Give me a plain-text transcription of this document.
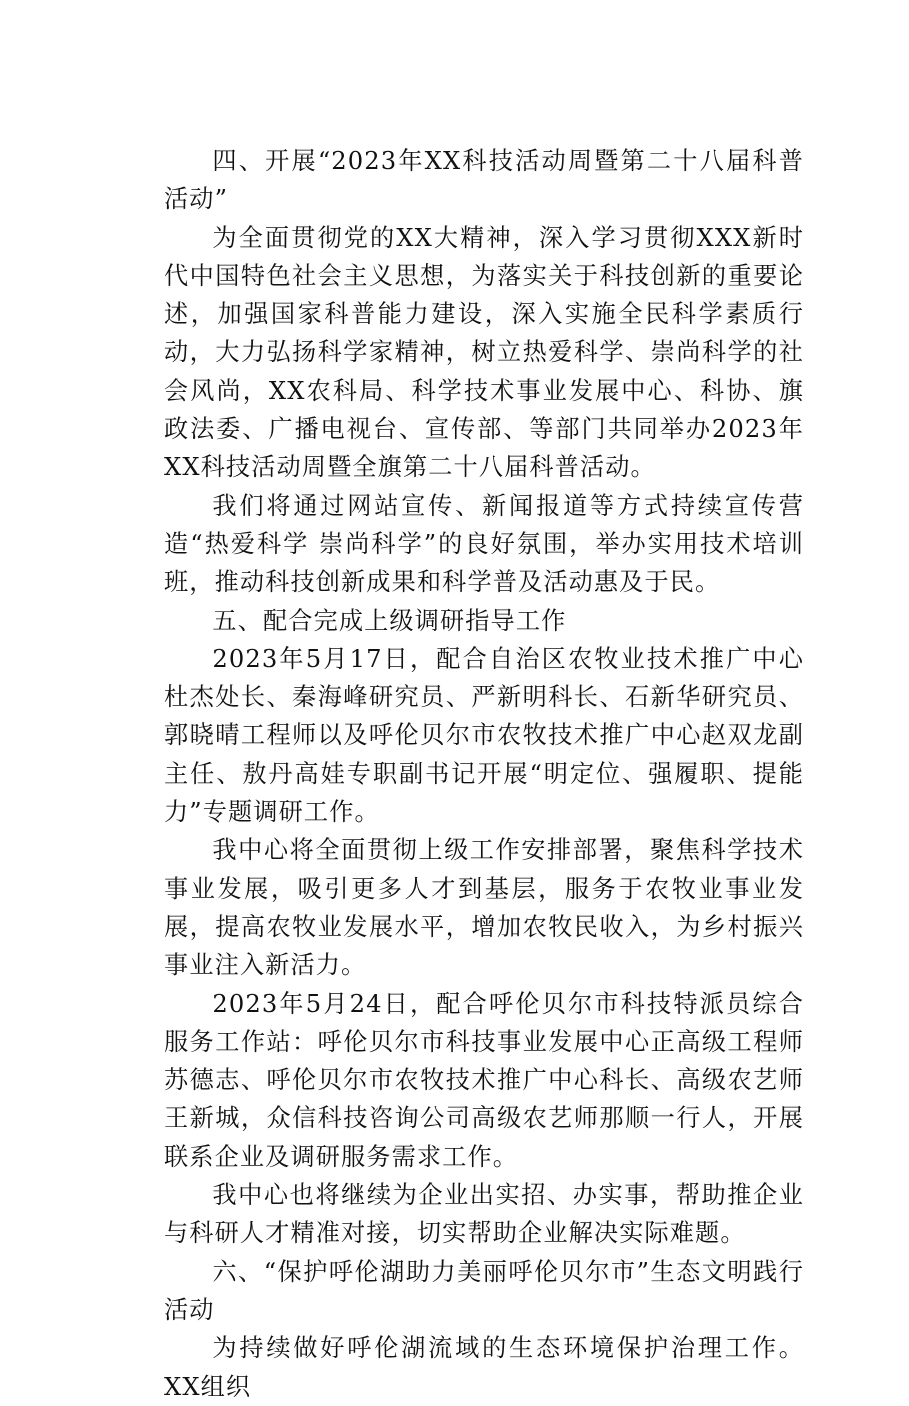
四、开展“2023年XX科技活动周暨第二十八届科普活动”

为全面贯彻党的XX大精神，深入学习贯彻XXX新时代中国特色社会主义思想，为落实关于科技创新的重要论述，加强国家科普能力建设，深入实施全民科学素质行动，大力弘扬科学家精神，树立热爱科学、崇尚科学的社会风尚，XX农科局、科学技术事业发展中心、科协、旗政法委、广播电视台、宣传部、等部门共同举办2023年XX科技活动周暨全旗第二十八届科普活动。

我们将通过网站宣传、新闻报道等方式持续宣传营造“热爱科学 崇尚科学”的良好氛围，举办实用技术培训班，推动科技创新成果和科学普及活动惠及于民。

五、配合完成上级调研指导工作

2023年5月17日，配合自治区农牧业技术推广中心杜杰处长、秦海峰研究员、严新明科长、石新华研究员、郭晓晴工程师以及呼伦贝尔市农牧技术推广中心赵双龙副主任、敖丹高娃专职副书记开展“明定位、强履职、提能力”专题调研工作。

我中心将全面贯彻上级工作安排部署，聚焦科学技术事业发展，吸引更多人才到基层，服务于农牧业事业发展，提高农牧业发展水平，增加农牧民收入，为乡村振兴事业注入新活力。

2023年5月24日，配合呼伦贝尔市科技特派员综合服务工作站：呼伦贝尔市科技事业发展中心正高级工程师苏德志、呼伦贝尔市农牧技术推广中心科长、高级农艺师王新城，众信科技咨询公司高级农艺师那顺一行人，开展联系企业及调研服务需求工作。

我中心也将继续为企业出实招、办实事，帮助推企业与科研人才精准对接，切实帮助企业解决实际难题。

六、“保护呼伦湖助力美丽呼伦贝尔市”生态文明践行活动

为持续做好呼伦湖流域的生态环境保护治理工作。XX组织
